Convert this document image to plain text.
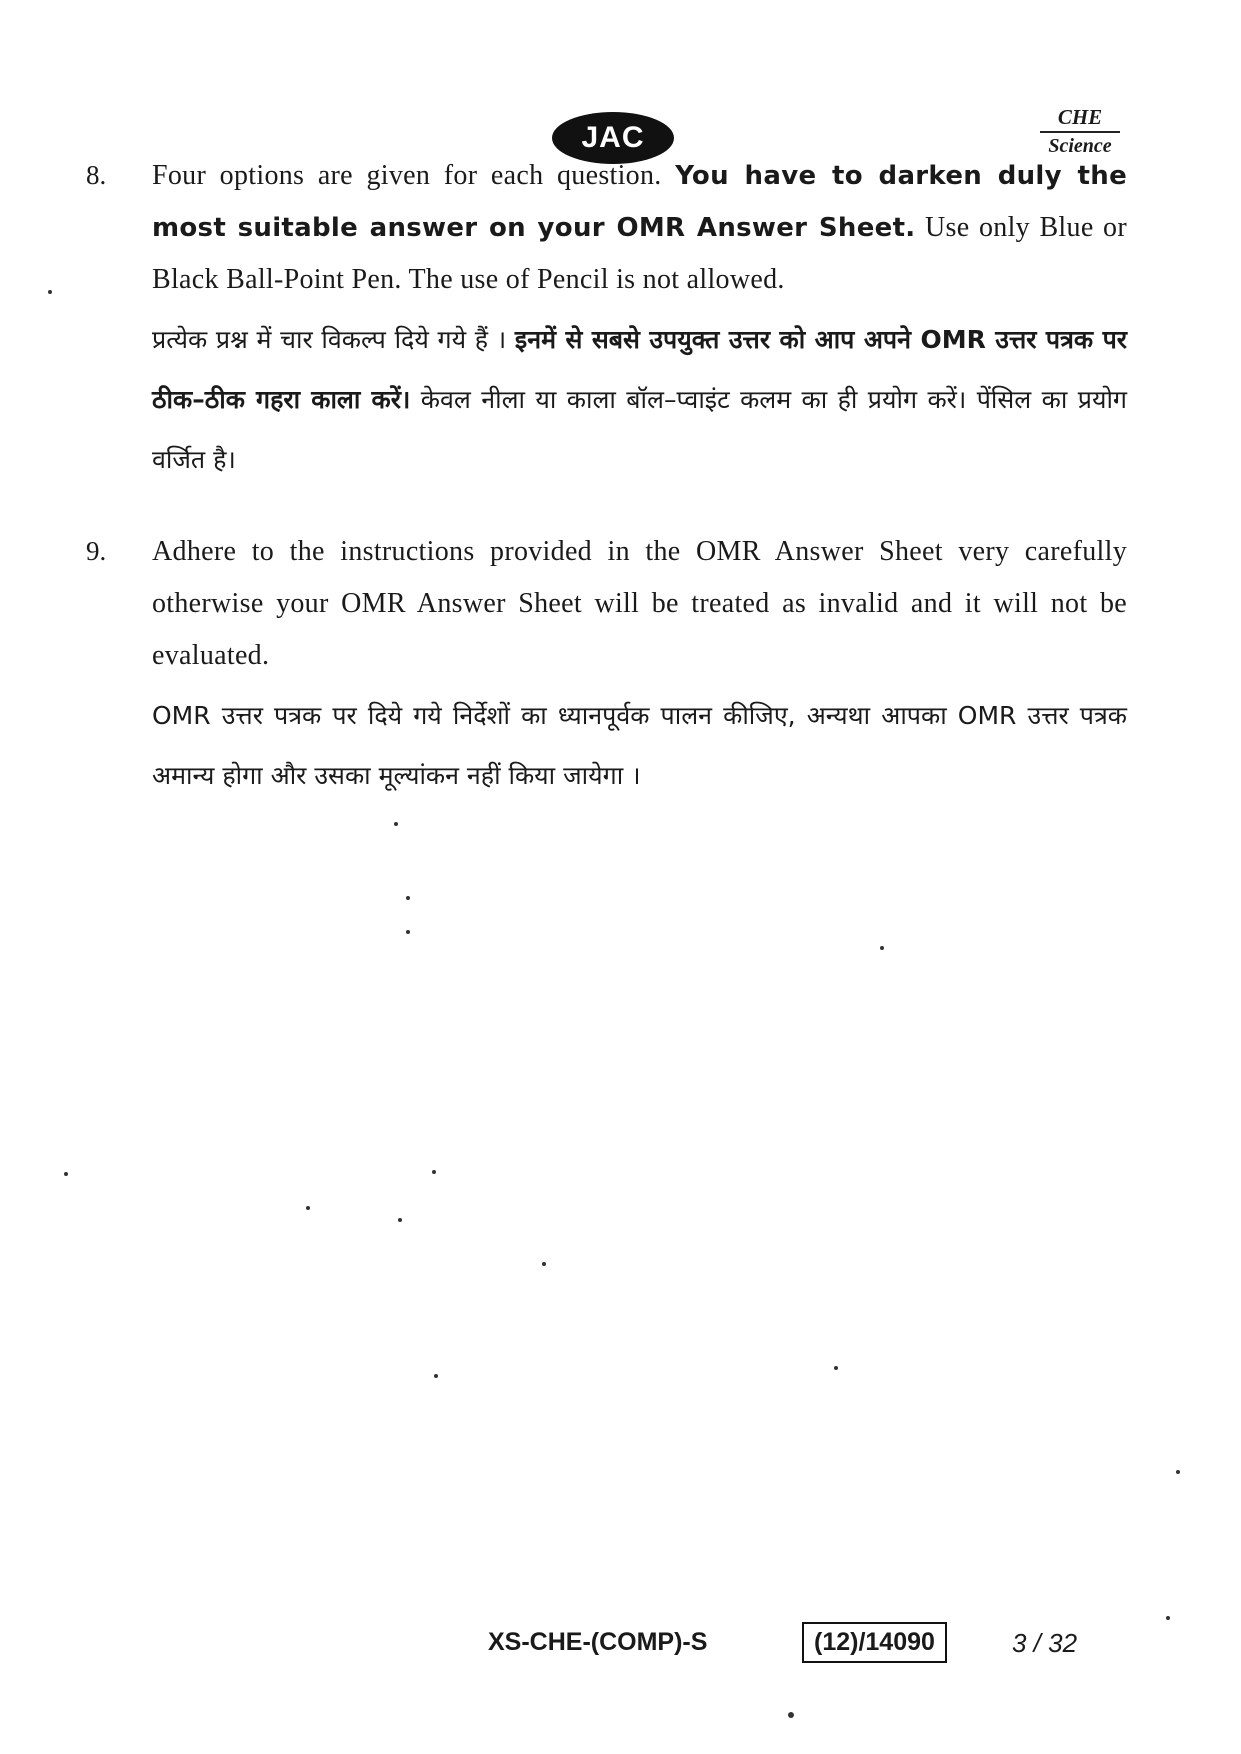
JAC
CHE
Science
8.	Four options are given for each question. You have to darken duly the most suitable answer on your OMR Answer Sheet. Use only Blue or Black Ball-Point Pen. The use of Pencil is not allowed.

प्रत्येक प्रश्न में चार विकल्प दिये गये हैं । इनमें से सबसे उपयुक्त उत्तर को आप अपने OMR उत्तर पत्रक पर ठीक–ठीक गहरा काला करें। केवल नीला या काला बॉल–प्वाइंट कलम का ही प्रयोग करें। पेंसिल का प्रयोग वर्जित है।

9.	Adhere to the instructions provided in the OMR Answer Sheet very carefully otherwise your OMR Answer Sheet will be treated as invalid and it will not be evaluated.

OMR उत्तर पत्रक पर दिये गये निर्देशों का ध्यानपूर्वक पालन कीजिए, अन्यथा आपका OMR उत्तर पत्रक अमान्य होगा और उसका मूल्यांकन नहीं किया जायेगा ।

XS-CHE-(COMP)-S	(12)/14090	3 / 32
